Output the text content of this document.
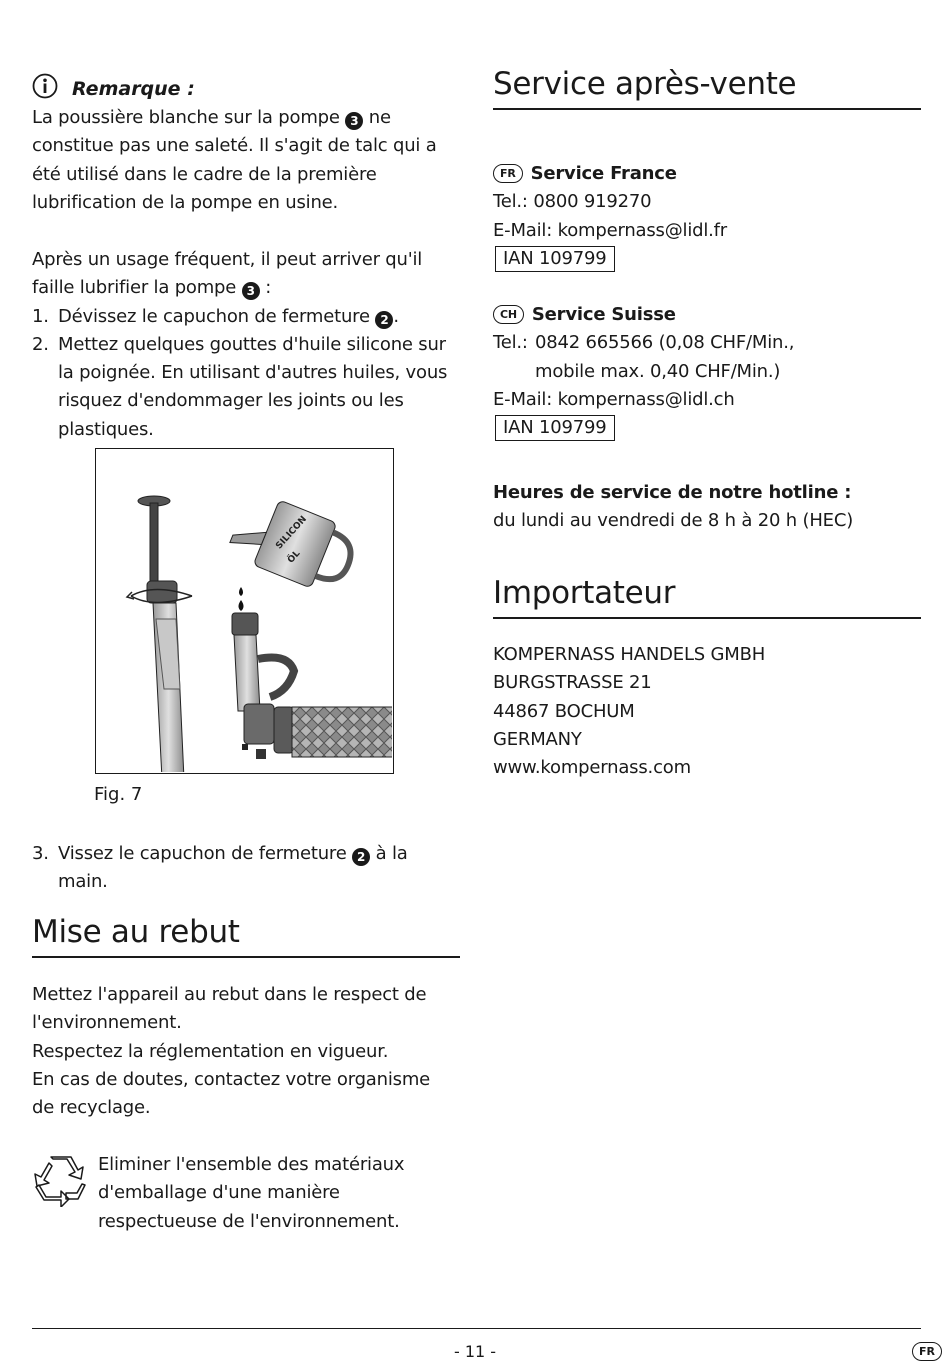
Remarque :

La poussière blanche sur la pompe 3 ne constitue pas une saleté. Il s'agit de talc qui a été utilisé dans le cadre de la première lubrification de la pompe en usine.

Après un usage fréquent, il peut arriver qu'il faille lubrifier la pompe 3 :

1. Dévissez le capuchon de fermeture 2 .
2. Mettez quelques gouttes d'huile silicone sur la poignée. En utilisant d'autres huiles, vous risquez d'endommager les joints ou les plastiques.
SILICON
ÖL
Fig. 7
3. Vissez le capuchon de fermeture 2 à la main.
Mise au rebut

Mettez l'appareil au rebut dans le respect de l'environnement.

Respectez la réglementation en vigueur.

En cas de doutes, contactez votre organisme de recyclage.

Eliminer l'ensemble des matériaux d'emballage d'une manière respectueuse de l'environnement.

Service après-vente

FR Service France

Tel.: 0800 919270

E-Mail: kompernass@lidl.fr

IAN 109799

CH Service Suisse

Tel.: 0842 665566 (0,08 CHF/Min.,
mobile max. 0,40 CHF/Min.)

E-Mail: kompernass@lidl.ch

IAN 109799

Heures de service de notre hotline :

du lundi au vendredi de 8 h à 20 h (HEC)

Importateur

KOMPERNASS HANDELS GMBH

BURGSTRASSE 21

44867 BOCHUM

GERMANY

www.kompernass.com

- 11 -	FR
